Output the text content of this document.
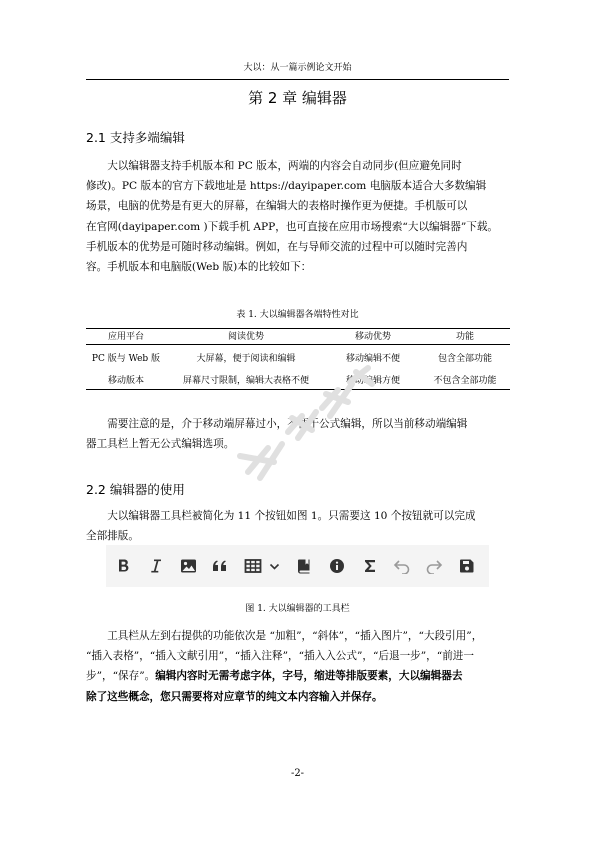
大以：从一篇示例论文开始
第 2 章 编辑器
2.1 支持多端编辑
大以编辑器支持手机版本和 PC 版本，两端的内容会自动同步(但应避免同时
修改)。PC 版本的官方下载地址是 https://dayipaper.com 电脑版本适合大多数编辑
场景，电脑的优势是有更大的屏幕，在编辑大的表格时操作更为便捷。手机版可以
在官网(dayipaper.com )下载手机 APP，也可直接在应用市场搜索“大以编辑器”下载。
手机版本的优势是可随时移动编辑。例如，在与导师交流的过程中可以随时完善内
容。手机版本和电脑版(Web 版)本的比较如下：
表 1. 大以编辑器各端特性对比
应用平台	阅读优势	移动优势	功能
PC 版与 Web 版	大屏幕，便于阅读和编辑	移动编辑不便	包含全部功能
移动版本	屏幕尺寸限制，编辑大表格不便	移动编辑方便	不包含全部功能
需要注意的是，介于移动端屏幕过小，不便于公式编辑，所以当前移动端编辑
器工具栏上暂无公式编辑选项。
2.2 编辑器的使用
大以编辑器工具栏被简化为 11 个按钮如图 1。只需要这 10 个按钮就可以完成
全部排版。
图 1. 大以编辑器的工具栏
工具栏从左到右提供的功能依次是 “加粗”，“斜体”，“插入图片”，“大段引用”，
“插入表格”，“插入文献引用”，“插入注释”，“插入入公式”，“后退一步”，“前进一
步”，“保存”。编辑内容时无需考虑字体，字号，缩进等排版要素，大以编辑器去
除了这些概念，您只需要将对应章节的纯文本内容输入并保存。
-2-
